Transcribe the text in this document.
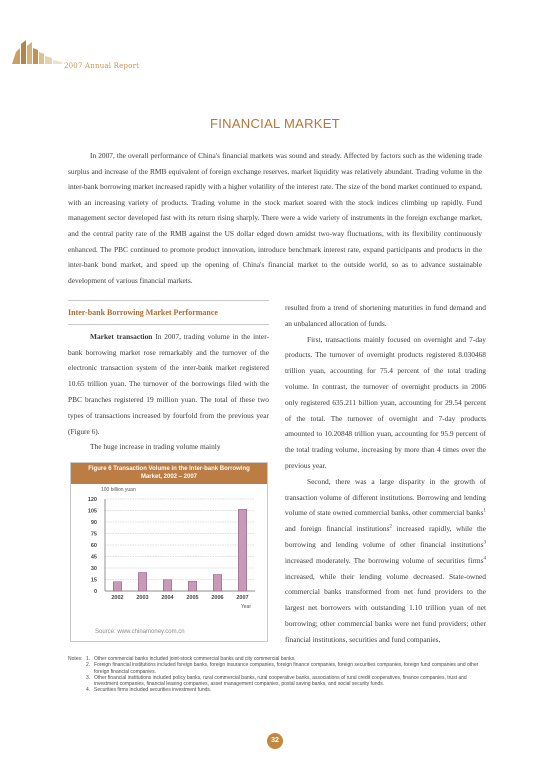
2007 Annual Report
FINANCIAL MARKET

In 2007, the overall performance of China's financial markets was sound and steady. Affected by factors such as the widening trade surplus and increase of the RMB equivalent of foreign exchange reserves, market liquidity was relatively abundant. Trading volume in the inter-bank borrowing market increased rapidly with a higher volatility of the interest rate. The size of the bond market continued to expand, with an increasing variety of products. Trading volume in the stock market soared with the stock indices climbing up rapidly. Fund management sector developed fast with its return rising sharply. There were a wide variety of instruments in the foreign exchange market, and the central parity rate of the RMB against the US dollar edged down amidst two-way fluctuations, with its flexibility continuously enhanced. The PBC continued to promote product innovation, introduce benchmark interest rate, expand participants and products in the inter-bank bond market, and speed up the opening of China's financial market to the outside world, so as to advance sustainable development of various financial markets.

Inter-bank Borrowing Market Performance

Market transaction In 2007, trading volume in the inter-bank borrowing market rose remarkably and the turnover of the electronic transaction system of the inter-bank market registered 10.65 trillion yuan. The turnover of the borrowings filed with the PBC branches registered 19 million yuan. The total of these two types of transactions increased by fourfold from the previous year (Figure 6).

The huge increase in trading volume mainly

Figure 6 Transaction Volume in the Inter-bank Borrowing Market, 2002 – 2007
100 billion yuan
0
15
30
45
60
75
90
105
120
2002 2003 2004 2005 2006 2007
Year
Source: www.chinamoney.com.cn

resulted from a trend of shortening maturities in fund demand and an unbalanced allocation of funds.

First, transactions mainly focused on overnight and 7-day products. The turnover of overnight products registered 8.030468 trillion yuan, accounting for 75.4 percent of the total trading volume. In contrast, the turnover of overnight products in 2006 only registered 635.211 billion yuan, accounting for 29.54 percent of the total. The turnover of overnight and 7-day products amounted to 10.20848 trillion yuan, accounting for 95.9 percent of the total trading volume, increasing by more than 4 times over the previous year.

Second, there was a large disparity in the growth of transaction volume of different institutions. Borrowing and lending volume of state owned commercial banks, other commercial banks$^1$ and foreign financial institutions$^2$ increased rapidly, while the borrowing and lending volume of other financial institutions$^3$ increased moderately. The borrowing volume of securities firms$^4$ increased, while their lending volume decreased. State-owned commercial banks transformed from net fund providers to the largest net borrowers with outstanding 1.10 trillion yuan of net borrowing; other commercial banks were net fund providers; other financial institutions, securities and fund companies,

Notes: 1. Other commercial banks included joint-stock commercial banks and city commercial banks.
2. Foreign financial institutions included foreign banks, foreign insurance companies, foreign finance companies, foreign securities companies, foreign fund companies and other foreign financial companies.
3. Other financial institutions included policy banks, rural commercial banks, rural cooperative banks, associations of rural credit cooperatives, finance companies, trust and investment companies, financial leasing companies, asset management companies, postal saving banks, and social security funds.
4. Securities firms included securities investment funds.
32
